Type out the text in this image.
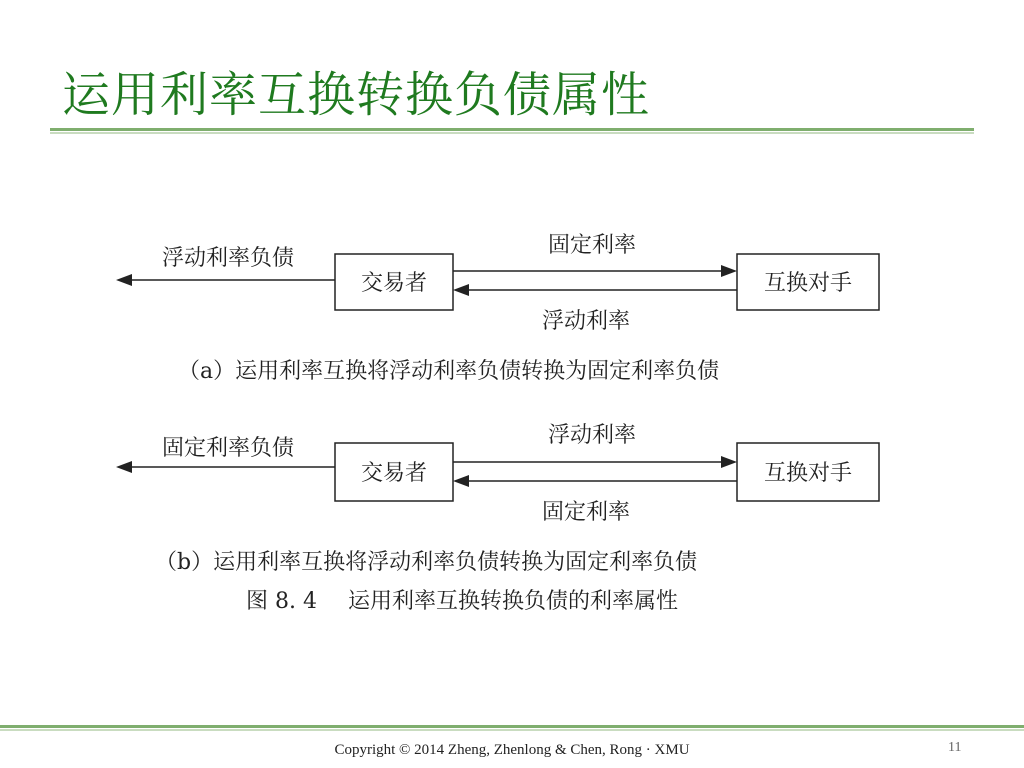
运用利率互换转换负债属性
浮动利率负债
交易者	互换对手
固定利率
浮动利率
（a）运用利率互换将浮动利率负债转换为固定利率负债
固定利率负债
交易者	互换对手
浮动利率
固定利率
（b）运用利率互换将浮动利率负债转换为固定利率负债
图 8. 4 运用利率互换转换负债的利率属性
Copyright © 2014 Zheng, Zhenlong & Chen, Rong · XMU	11
